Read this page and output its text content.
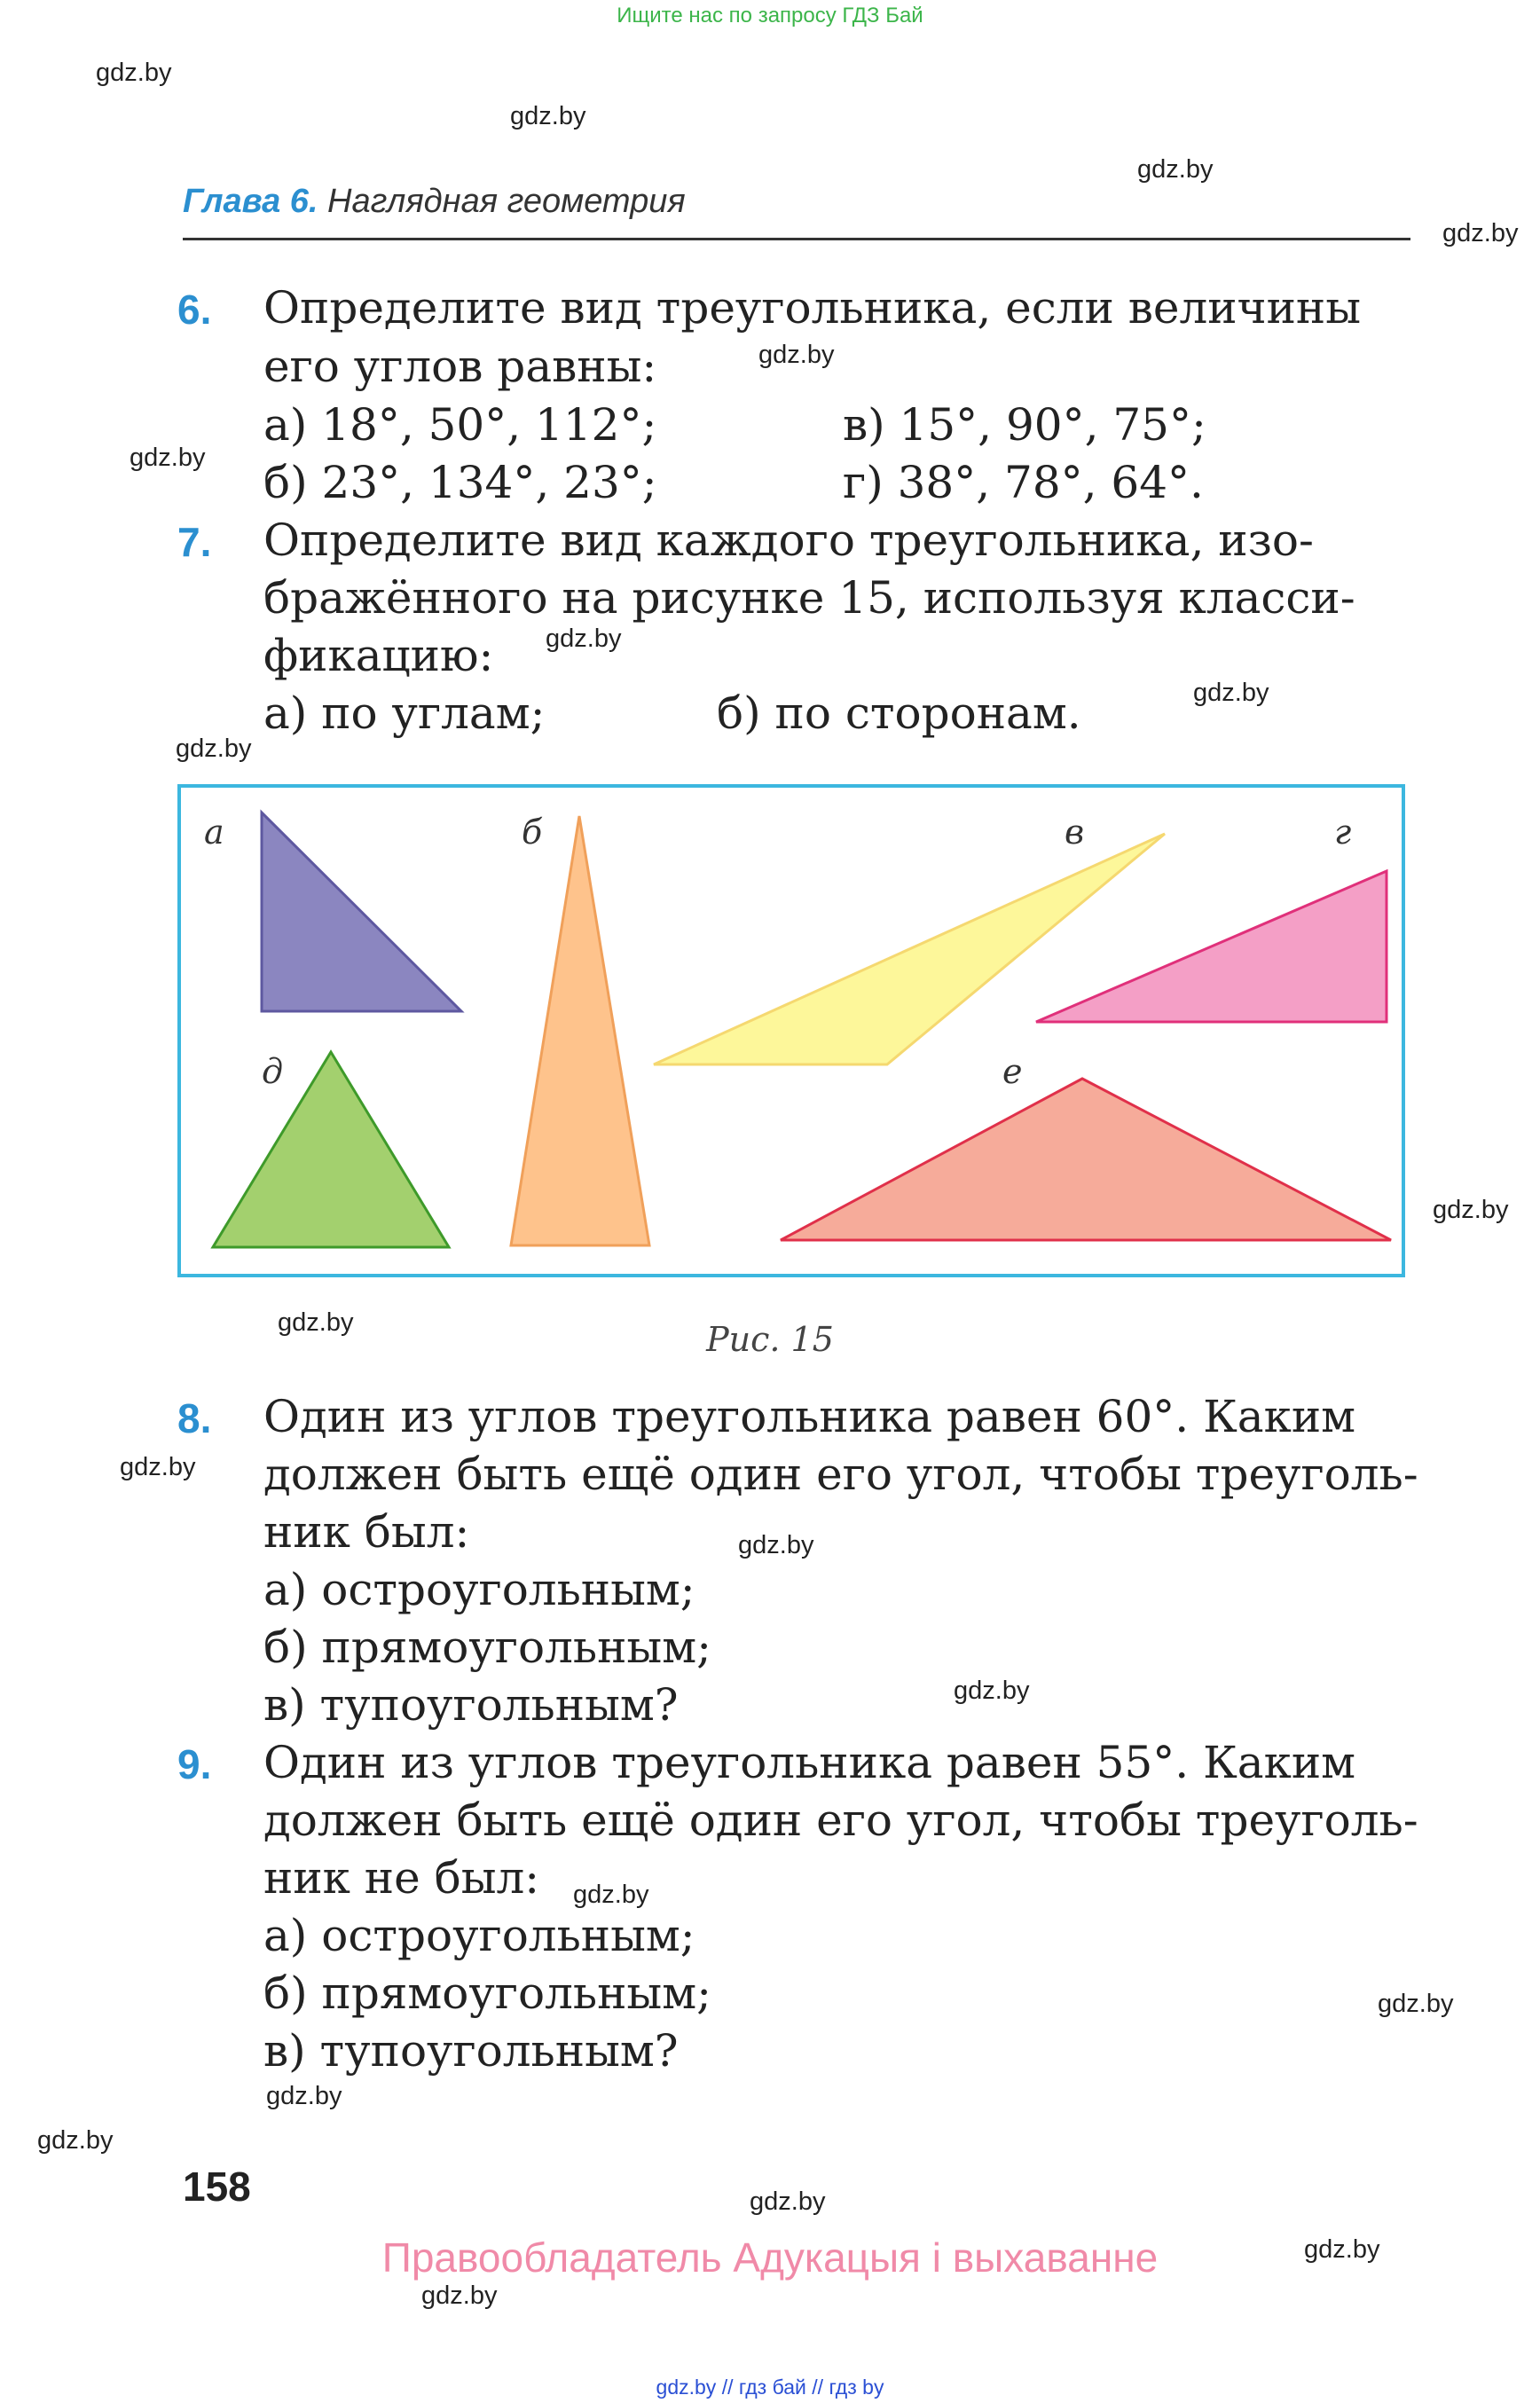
Ищите нас по запросу ГДЗ Бай
gdz.by
gdz.by
gdz.by
gdz.by
gdz.by
gdz.by
gdz.by
gdz.by
gdz.by
gdz.by
gdz.by
gdz.by
gdz.by
gdz.by
gdz.by
gdz.by
gdz.by
gdz.by
gdz.by
gdz.by
gdz.by
Глава 6. Наглядная геометрия
6. Определите вид треугольника, если величины
его углов равны:
а) 18°, 50°, 112°;	в) 15°, 90°, 75°;
б) 23°, 134°, 23°;	г) 38°, 78°, 64°.
7. Определите вид каждого треугольника, изо-
бражённого на рисунке 15, используя класси-
фикацию:
а) по углам;	б) по сторонам.
а	б	в	г
д	е
Рис. 15
8. Один из углов треугольника равен 60°. Каким
должен быть ещё один его угол, чтобы треуголь-
ник был:
а) остроугольным;
б) прямоугольным;
в) тупоугольным?
9. Один из углов треугольника равен 55°. Каким
должен быть ещё один его угол, чтобы треуголь-
ник не был:
а) остроугольным;
б) прямоугольным;
в) тупоугольным?
158
Правообладатель Адукацыя і выхаванне
gdz.by // гдз бай // гдз by
